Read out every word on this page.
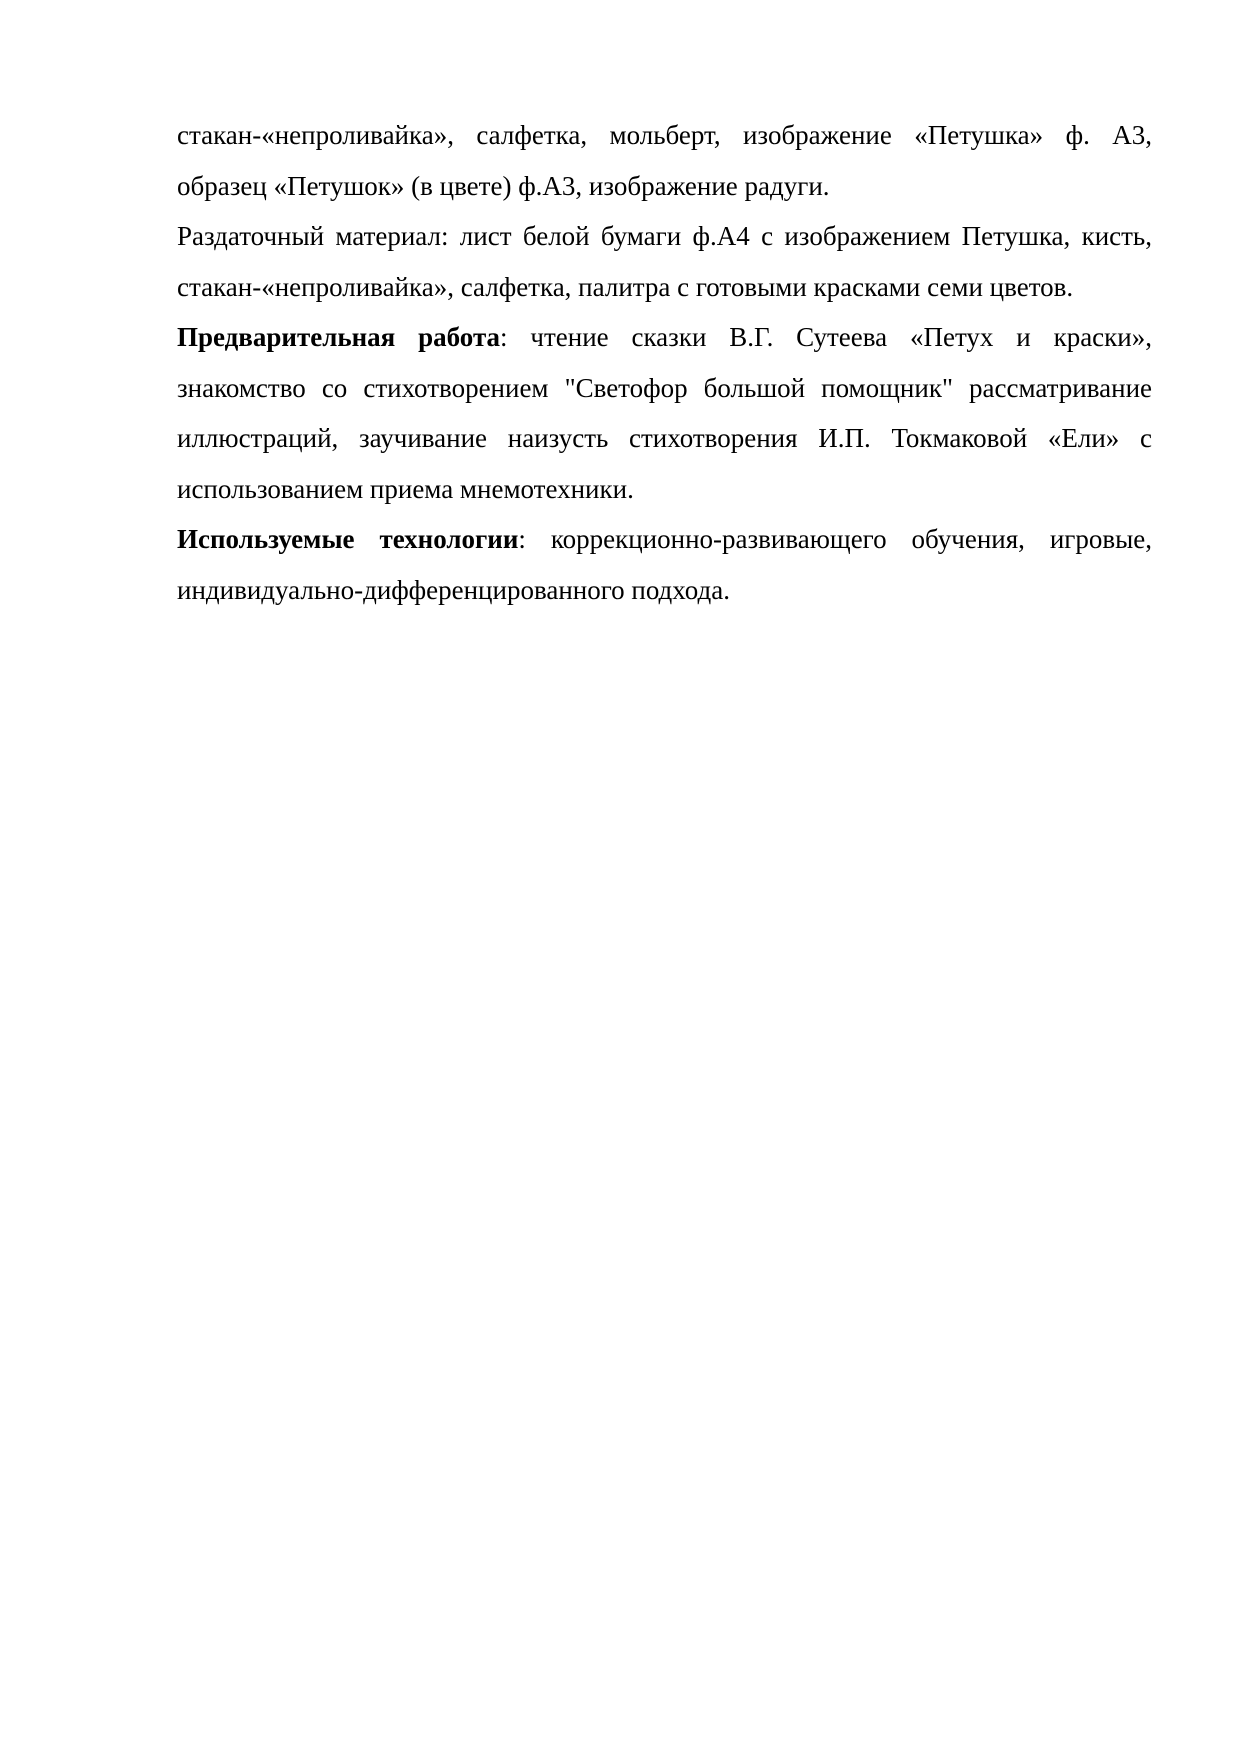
стакан-«непроливайка», салфетка, мольберт, изображение «Петушка» ф. А3, образец «Петушок» (в цвете) ф.А3, изображение радуги.

Раздаточный материал: лист белой бумаги ф.А4 с изображением Петушка, кисть, стакан-«непроливайка», салфетка, палитра с готовыми красками семи цветов.

Предварительная работа: чтение сказки В.Г. Сутеева «Петух и краски», знакомство со стихотворением "Светофор большой помощник" рассматривание иллюстраций, заучивание наизусть стихотворения И.П. Токмаковой «Ели» с использованием приема мнемотехники.

Используемые технологии: коррекционно-развивающего обучения, игровые, индивидуально-дифференцированного подхода.
